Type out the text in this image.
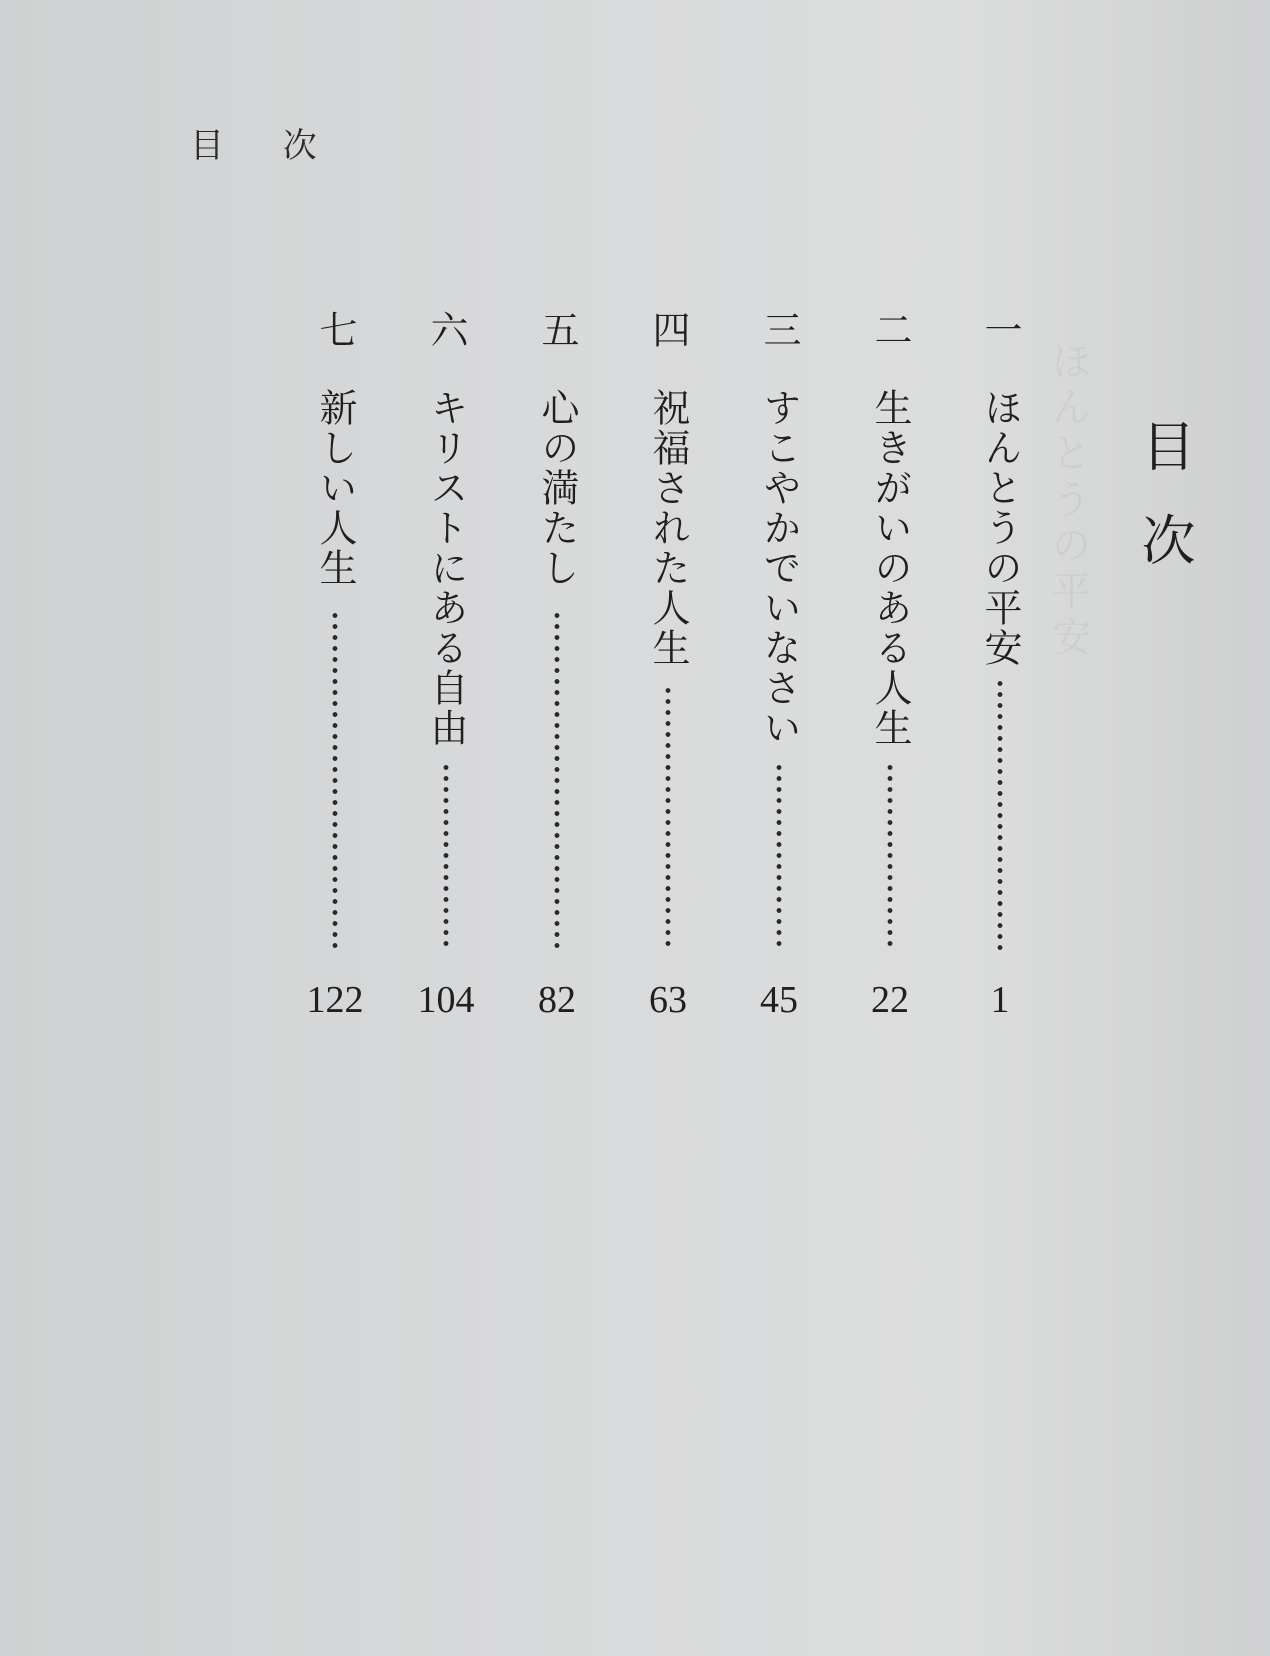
ほんとうの平安

目 次
目次
一
ほんとうの平安
1
二
生きがいのある人生
22
三
すこやかでいなさい
45
四
祝福された人生
63
五
心の満たし
82
六
キリストにある自由
104
七
新しい人生
122
